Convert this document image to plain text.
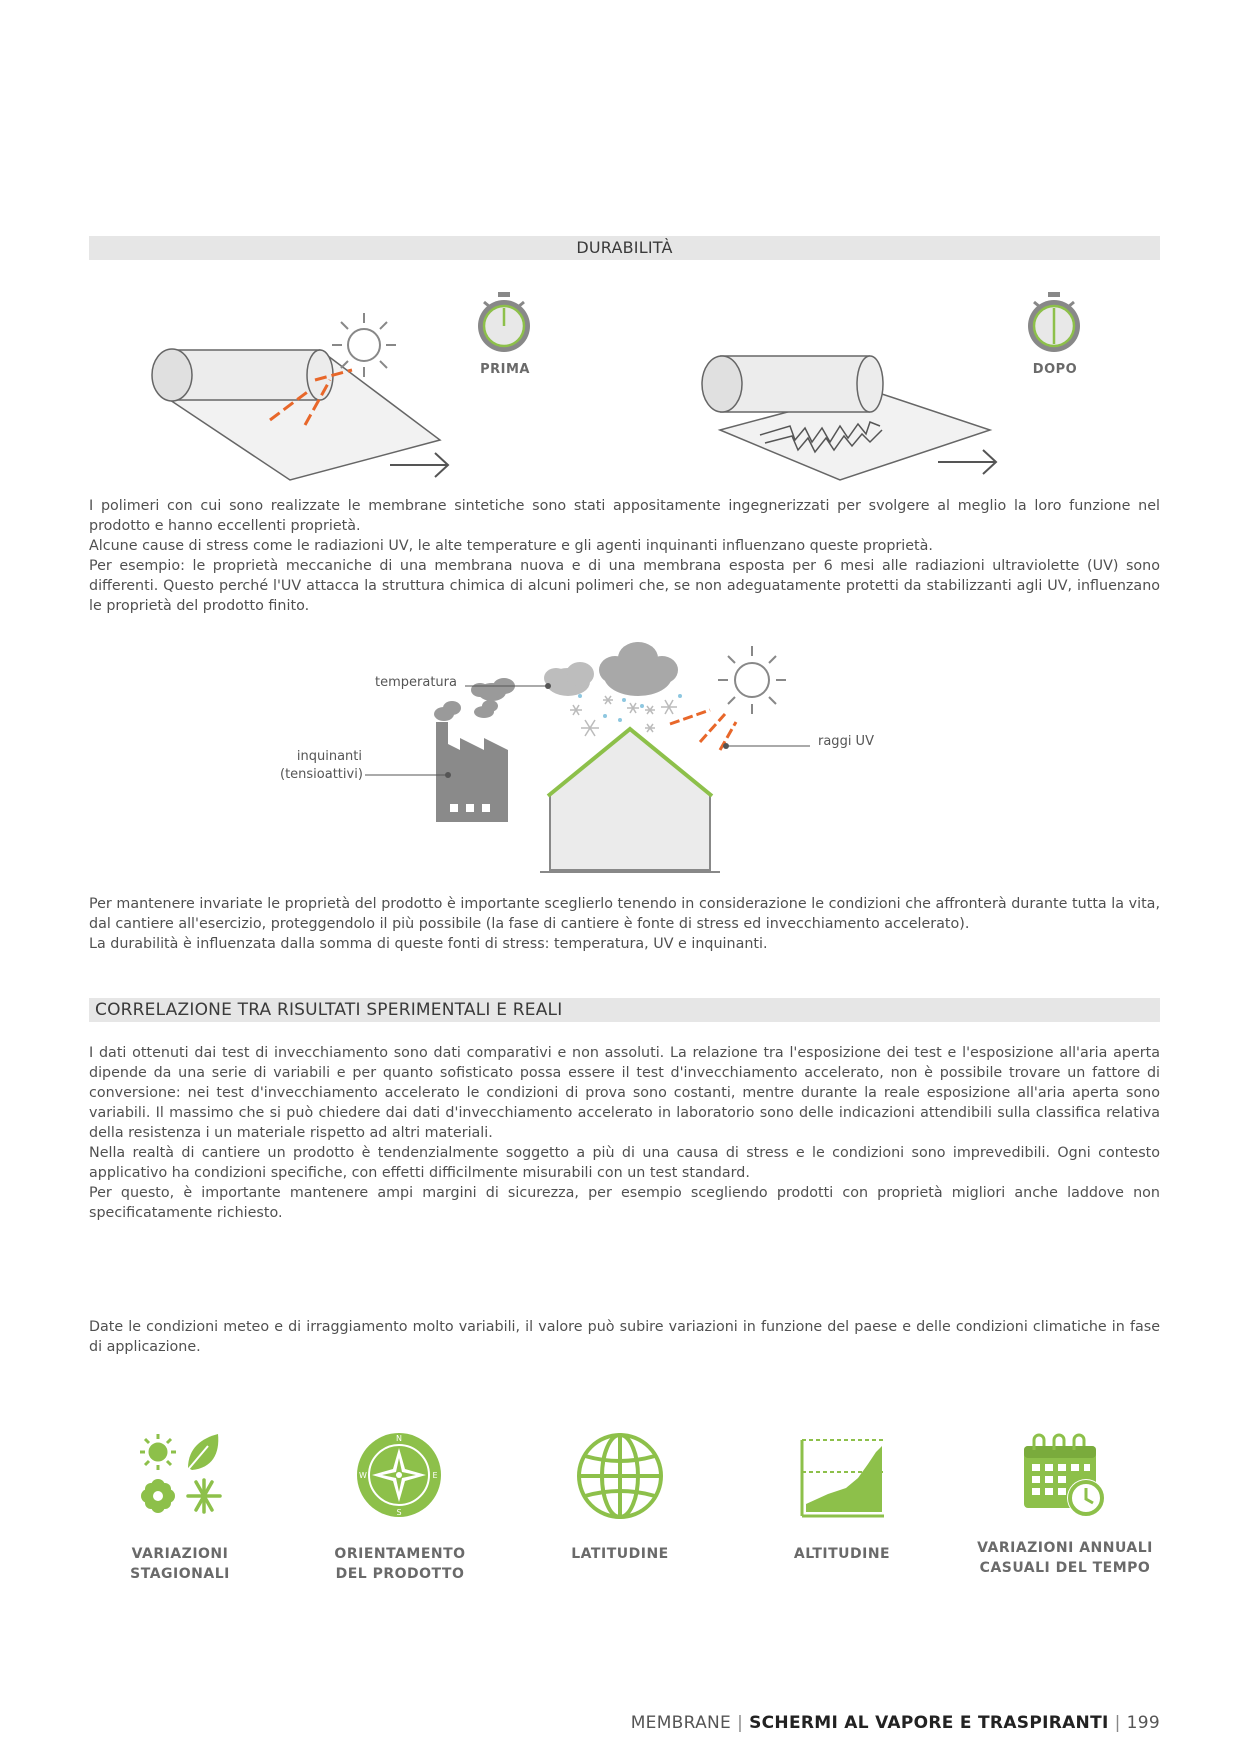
DURABILITÀ
PRIMA	DOPO

I polimeri con cui sono realizzate le membrane sintetiche sono stati appositamente ingegnerizzati per svolgere al meglio la loro funzione nel prodotto e hanno eccellenti proprietà.

Alcune cause di stress come le radiazioni UV, le alte temperature e gli agenti inquinanti influenzano queste proprietà.

Per esempio: le proprietà meccaniche di una membrana nuova e di una membrana esposta per 6 mesi alle radiazioni ultraviolette (UV) sono differenti. Questo perché l'UV attacca la struttura chimica di alcuni polimeri che, se non adeguatamente protetti da stabilizzanti agli UV, influenzano le proprietà del prodotto finito.

temperatura
inquinanti
(tensioattivi)
raggi UV

Per mantenere invariate le proprietà del prodotto è importante sceglierlo tenendo in considerazione le condizioni che affronterà durante tutta la vita, dal cantiere all'esercizio, proteggendolo il più possibile (la fase di cantiere è fonte di stress ed invecchiamento accelerato).

La durabilità è influenzata dalla somma di queste fonti di stress: temperatura, UV e inquinanti.

CORRELAZIONE TRA RISULTATI SPERIMENTALI E REALI

I dati ottenuti dai test di invecchiamento sono dati comparativi e non assoluti. La relazione tra l'esposizione dei test e l'esposizione all'aria aperta dipende da una serie di variabili e per quanto sofisticato possa essere il test d'invecchiamento accelerato, non è possibile trovare un fattore di conversione: nei test d'invecchiamento accelerato le condizioni di prova sono costanti, mentre durante la reale esposizione all'aria aperta sono variabili. Il massimo che si può chiedere dai dati d'invecchiamento accelerato in laboratorio sono delle indicazioni attendibili sulla classifica relativa della resistenza i un materiale rispetto ad altri materiali.

Nella realtà di cantiere un prodotto è tendenzialmente soggetto a più di una causa di stress e le condizioni sono imprevedibili. Ogni contesto applicativo ha condizioni specifiche, con effetti difficilmente misurabili con un test standard.

Per questo, è importante mantenere ampi margini di sicurezza, per esempio scegliendo prodotti con proprietà migliori anche laddove non specificatamente richiesto.

Date le condizioni meteo e di irraggiamento molto variabili, il valore può subire variazioni in funzione del paese e delle condizioni climatiche in fase di applicazione.

VARIAZIONI
STAGIONALI
N
S
E
W
ORIENTAMENTO
DEL PRODOTTO
LATITUDINE	ALTITUDINE	VARIAZIONI ANNUALI
CASUALI DEL TEMPO
MEMBRANE | SCHERMI AL VAPORE E TRASPIRANTI | 199
